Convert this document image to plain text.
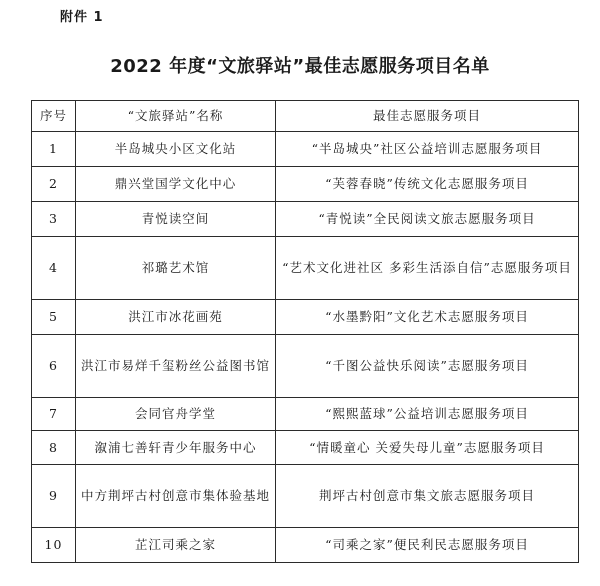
附件 1
2022 年度“文旅驿站”最佳志愿服务项目名单
序号	“文旅驿站”名称	最佳志愿服务项目
1	半岛城央小区文化站	“半岛城央”社区公益培训志愿服务项目
2	鼎兴堂国学文化中心	“芙蓉春晓”传统文化志愿服务项目
3	青悦读空间	“青悦读”全民阅读文旅志愿服务项目
4	祁璐艺术馆	“艺术文化进社区 多彩生活添自信”志愿服务项目
5	洪江市冰花画苑	“水墨黔阳”文化艺术志愿服务项目
6	洪江市易烊千玺粉丝公益图书馆	“千图公益快乐阅读”志愿服务项目
7	会同官舟学堂	“熙熙蓝球”公益培训志愿服务项目
8	溆浦七善轩青少年服务中心	“情暖童心 关爱失母儿童”志愿服务项目
9	中方荆坪古村创意市集体验基地	荆坪古村创意市集文旅志愿服务项目
10	芷江司乘之家	“司乘之家”便民利民志愿服务项目
